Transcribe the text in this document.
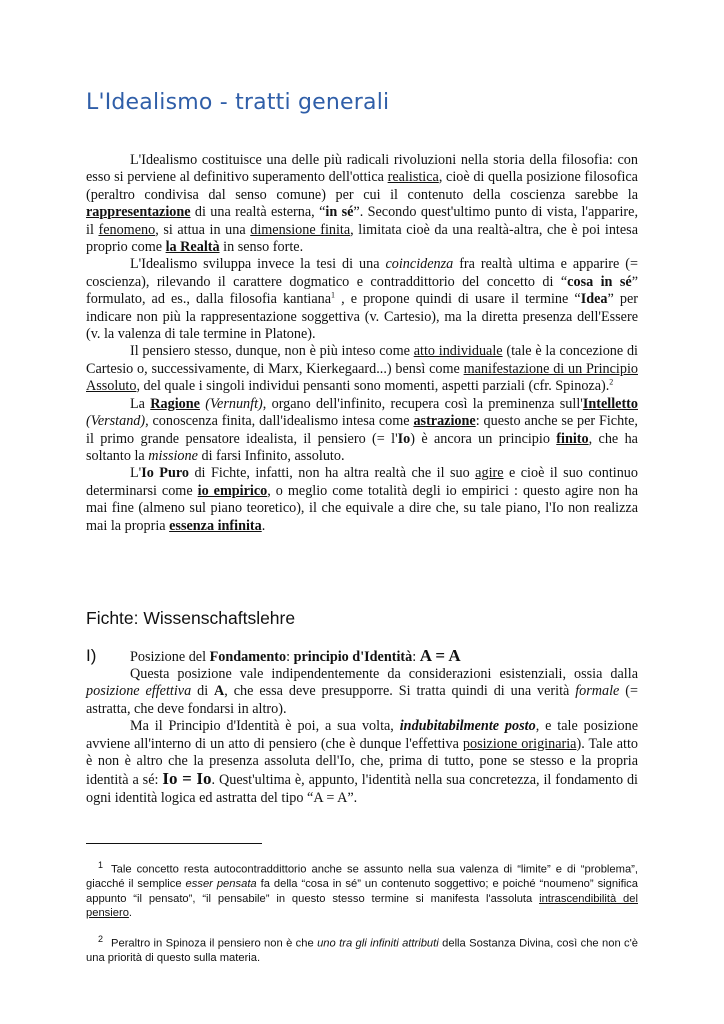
L'Idealismo - tratti generali

L'Idealismo costituisce una delle più radicali rivoluzioni nella storia della filosofia: con esso si perviene al definitivo superamento dell'ottica realistica, cioè di quella posizione filosofica (peraltro condivisa dal senso comune) per cui il contenuto della coscienza sarebbe la rappresentazione di una realtà esterna, “in sé”. Secondo quest'ultimo punto di vista, l'apparire, il fenomeno, si attua in una dimensione finita, limitata cioè da una realtà-altra, che è poi intesa proprio come la Realtà in senso forte.

L'Idealismo sviluppa invece la tesi di una coincidenza fra realtà ultima e apparire (= coscienza), rilevando il carattere dogmatico e contraddittorio del concetto di “cosa in sé” formulato, ad es., dalla filosofia kantiana$^1$ , e propone quindi di usare il termine “Idea” per indicare non più la rappresentazione soggettiva (v. Cartesio), ma la diretta presenza dell'Essere (v. la valenza di tale termine in Platone).

Il pensiero stesso, dunque, non è più inteso come atto individuale (tale è la concezione di Cartesio o, successivamente, di Marx, Kierkegaard...) bensì come manifestazione di un Principio Assoluto, del quale i singoli individui pensanti sono momenti, aspetti parziali (cfr. Spinoza).$^2$

La Ragione (Vernunft), organo dell'infinito, recupera così la preminenza sull'Intelletto (Verstand), conoscenza finita, dall'idealismo intesa come astrazione: questo anche se per Fichte, il primo grande pensatore idealista, il pensiero (= l'Io) è ancora un principio finito, che ha soltanto la missione di farsi Infinito, assoluto.

L'Io Puro di Fichte, infatti, non ha altra realtà che il suo agire e cioè il suo continuo determinarsi come io empirico, o meglio come totalità degli io empirici : questo agire non ha mai fine (almeno sul piano teoretico), il che equivale a dire che, su tale piano, l'Io non realizza mai la propria essenza infinita.

Fichte: Wissenschaftslehre
I) Posizione del Fondamento: principio d'Identità: A = A

Questa posizione vale indipendentemente da considerazioni esistenziali, ossia dalla posizione effettiva di A, che essa deve presupporre. Si tratta quindi di una verità formale (= astratta, che deve fondarsi in altro).

Ma il Principio d'Identità è poi, a sua volta, indubitabilmente posto, e tale posizione avviene all'interno di un atto di pensiero (che è dunque l'effettiva posizione originaria). Tale atto è non è altro che la presenza assoluta dell'Io, che, prima di tutto, pone se stesso e la propria identità a sé: Io = Io. Quest'ultima è, appunto, l'identità nella sua concretezza, il fondamento di ogni identità logica ed astratta del tipo “A = A”.

$^1$ Tale concetto resta autocontraddittorio anche se assunto nella sua valenza di “limite” e di “problema”, giacché il semplice esser pensata fa della “cosa in sé” un contenuto soggettivo; e poiché “noumeno” significa appunto “il pensato”, “il pensabile” in questo stesso termine si manifesta l'assoluta intrascendibilità del pensiero.

$^2$ Peraltro in Spinoza il pensiero non è che uno tra gli infiniti attributi della Sostanza Divina, così che non c'è una priorità di questo sulla materia.
